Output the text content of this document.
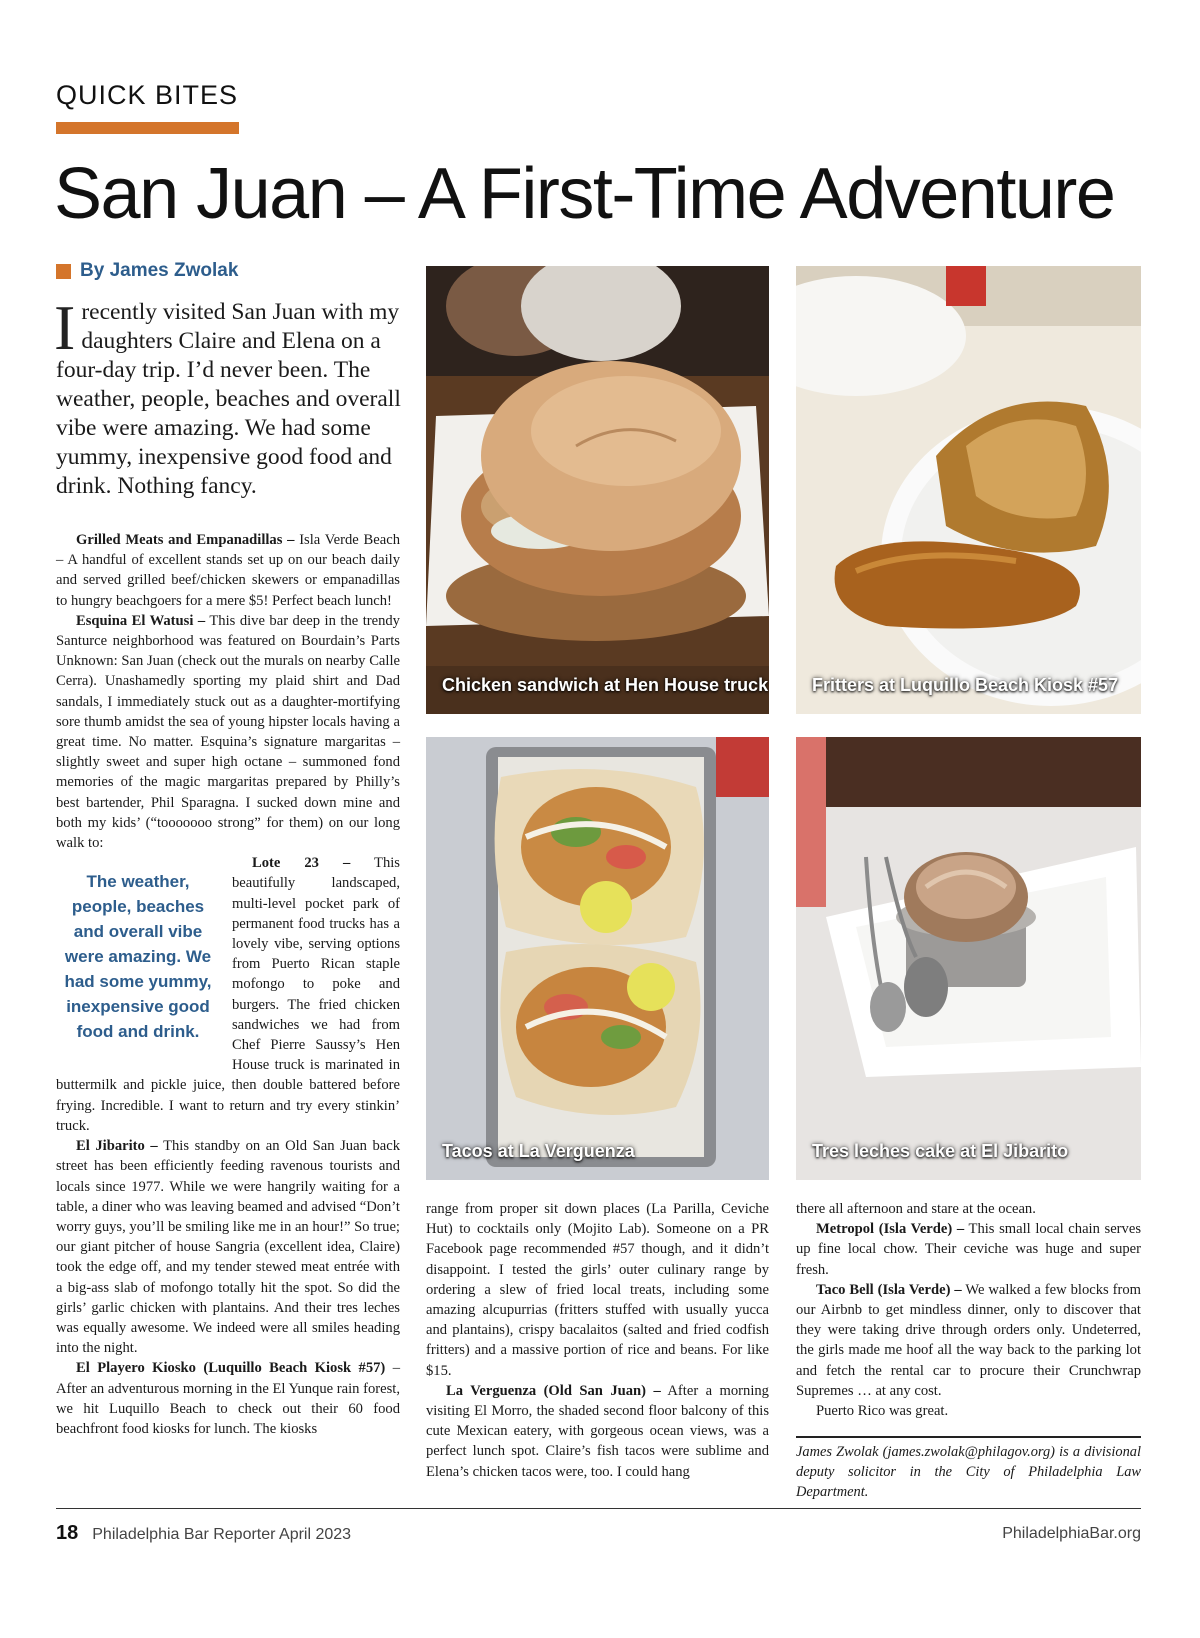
QUICK BITES
San Juan – A First-Time Adventure
By James Zwolak
I recently visited San Juan with my daughters Claire and Elena on a four-day trip. I’d never been. The weather, people, beaches and overall vibe were amazing. We had some yummy, inexpensive good food and drink. Nothing fancy.

Grilled Meats and Empanadillas – Isla Verde Beach – A handful of excellent stands set up on our beach daily and served grilled beef/chicken skewers or empanadillas to hungry beachgoers for a mere $5! Perfect beach lunch!

Esquina El Watusi – This dive bar deep in the trendy Santurce neighborhood was featured on Bourdain’s Parts Unknown: San Juan (check out the murals on nearby Calle Cerra). Unashamedly sporting my plaid shirt and Dad sandals, I immediately stuck out as a daughter-mortifying sore thumb amidst the sea of young hipster locals having a great time. No matter. Esquina’s signature margaritas – slightly sweet and super high octane – summoned fond memories of the magic margaritas prepared by Philly’s best bartender, Phil Sparagna. I sucked down mine and both my kids’ (“tooooooo strong” for them) on our long walk to:

The weather, people, beaches and overall vibe were amazing. We had some yummy, inexpensive good food and drink.

Lote 23 – This beautifully landscaped, multi-level pocket park of permanent food trucks has a lovely vibe, serving options from Puerto Rican staple mofongo to poke and burgers. The fried chicken sandwiches we had from Chef Pierre Saussy’s Hen House truck is marinated in buttermilk and pickle juice, then double battered before frying. Incredible. I want to return and try every stinkin’ truck.

El Jibarito – This standby on an Old San Juan back street has been efficiently feeding ravenous tourists and locals since 1977. While we were hangrily waiting for a table, a diner who was leaving beamed and advised “Don’t worry guys, you’ll be smiling like me in an hour!” So true; our giant pitcher of house Sangria (excellent idea, Claire) took the edge off, and my tender stewed meat entrée with a big-ass slab of mofongo totally hit the spot. So did the girls’ garlic chicken with plantains. And their tres leches was equally awesome. We indeed were all smiles heading into the night.

El Playero Kiosko (Luquillo Beach Kiosk #57) – After an adventurous morning in the El Yunque rain forest, we hit Luquillo Beach to check out their 60 food beachfront food kiosks for lunch. The kiosks

Chicken sandwich at Hen House truck Fritters at Luquillo Beach Kiosk #57
Tacos at La Verguenza	Tres leches cake at El Jibarito

range from proper sit down places (La Parilla, Ceviche Hut) to cocktails only (Mojito Lab). Someone on a PR Facebook page recommended #57 though, and it didn’t disappoint. I tested the girls’ outer culinary range by ordering a slew of fried local treats, including some amazing alcupurrias (fritters stuffed with usually yucca and plantains), crispy bacalaitos (salted and fried codfish fritters) and a massive portion of rice and beans. For like $15.

La Verguenza (Old San Juan) – After a morning visiting El Morro, the shaded second floor balcony of this cute Mexican eatery, with gorgeous ocean views, was a perfect lunch spot. Claire’s fish tacos were sublime and Elena’s chicken tacos were, too. I could hang

there all afternoon and stare at the ocean.

Metropol (Isla Verde) – This small local chain serves up fine local chow. Their ceviche was huge and super fresh.

Taco Bell (Isla Verde) – We walked a few blocks from our Airbnb to get mindless dinner, only to discover that they were taking drive through orders only. Undeterred, the girls made me hoof all the way back to the parking lot and fetch the rental car to procure their Crunchwrap Supremes … at any cost.

Puerto Rico was great.

James Zwolak (james.zwolak@philagov.org) is a divisional deputy solicitor in the City of Philadelphia Law Department.
18 Philadelphia Bar Reporter April 2023	PhiladelphiaBar.org
